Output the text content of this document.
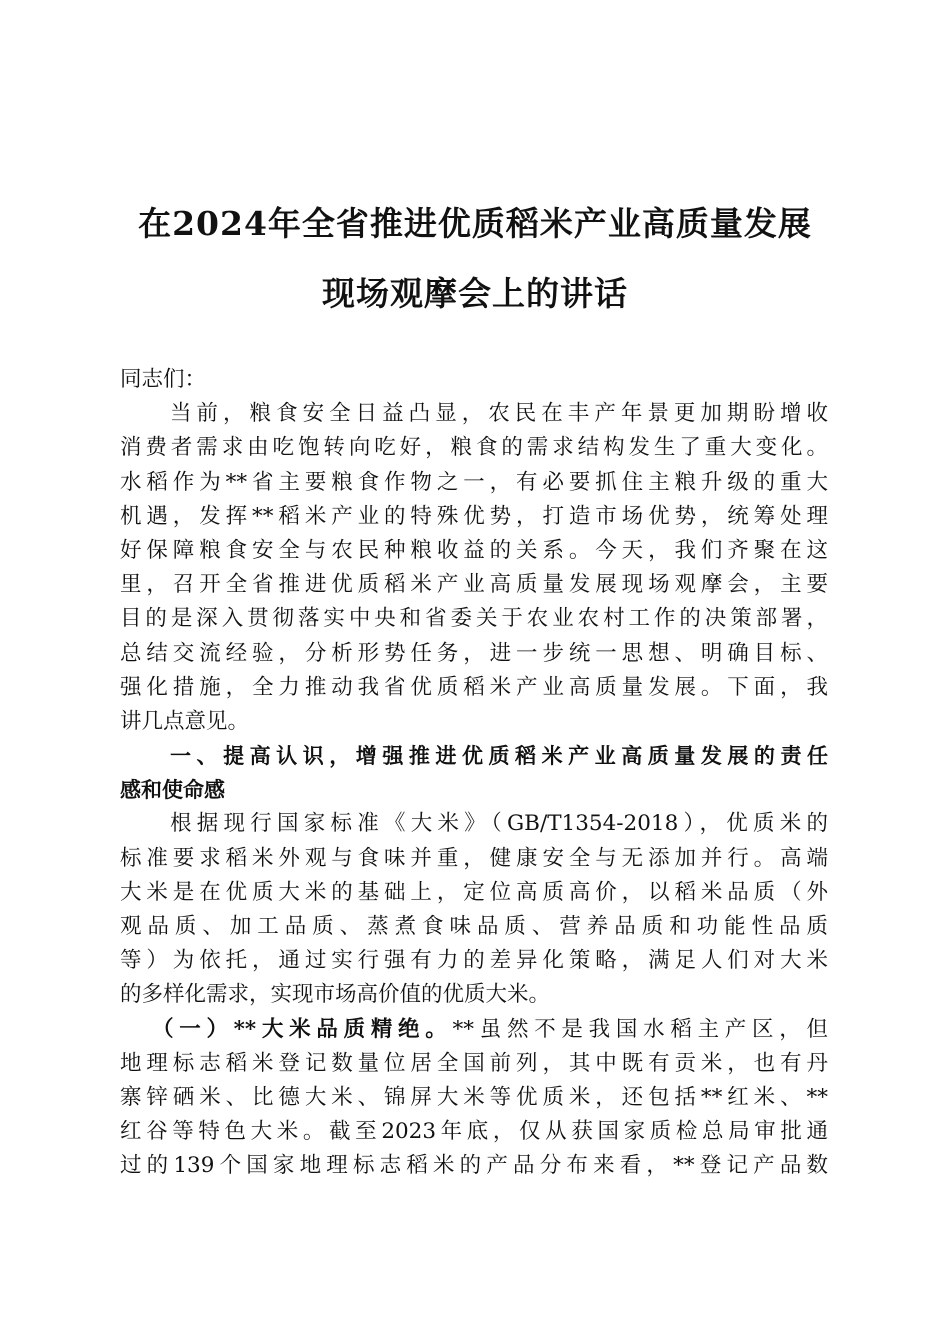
在2024年全省推进优质稻米产业高质量发展
现场观摩会上的讲话
同志们：
当前，粮食安全日益凸显，农民在丰产年景更加期盼增收
消费者需求由吃饱转向吃好，粮食的需求结构发生了重大变化。
水稻作为**省主要粮食作物之一，有必要抓住主粮升级的重大
机遇，发挥**稻米产业的特殊优势，打造市场优势，统筹处理
好保障粮食安全与农民种粮收益的关系。今天，我们齐聚在这
里，召开全省推进优质稻米产业高质量发展现场观摩会，主要
目的是深入贯彻落实中央和省委关于农业农村工作的决策部署，
总结交流经验，分析形势任务，进一步统一思想、明确目标、
强化措施，全力推动我省优质稻米产业高质量发展。下面，我
讲几点意见。
一、提高认识，增强推进优质稻米产业高质量发展的责任
感和使命感
根据现行国家标准《大米》（GB/T1354-2018），优质米的
标准要求稻米外观与食味并重，健康安全与无添加并行。高端
大米是在优质大米的基础上，定位高质高价，以稻米品质（外
观品质、加工品质、蒸煮食味品质、营养品质和功能性品质
等）为依托，通过实行强有力的差异化策略，满足人们对大米
的多样化需求，实现市场高价值的优质大米。
（一）**大米品质精绝。**虽然不是我国水稻主产区，但
地理标志稻米登记数量位居全国前列，其中既有贡米，也有丹
寨锌硒米、比德大米、锦屏大米等优质米，还包括**红米、**
红谷等特色大米。截至2023年底，仅从获国家质检总局审批通
过的139个国家地理标志稻米的产品分布来看，**登记产品数
